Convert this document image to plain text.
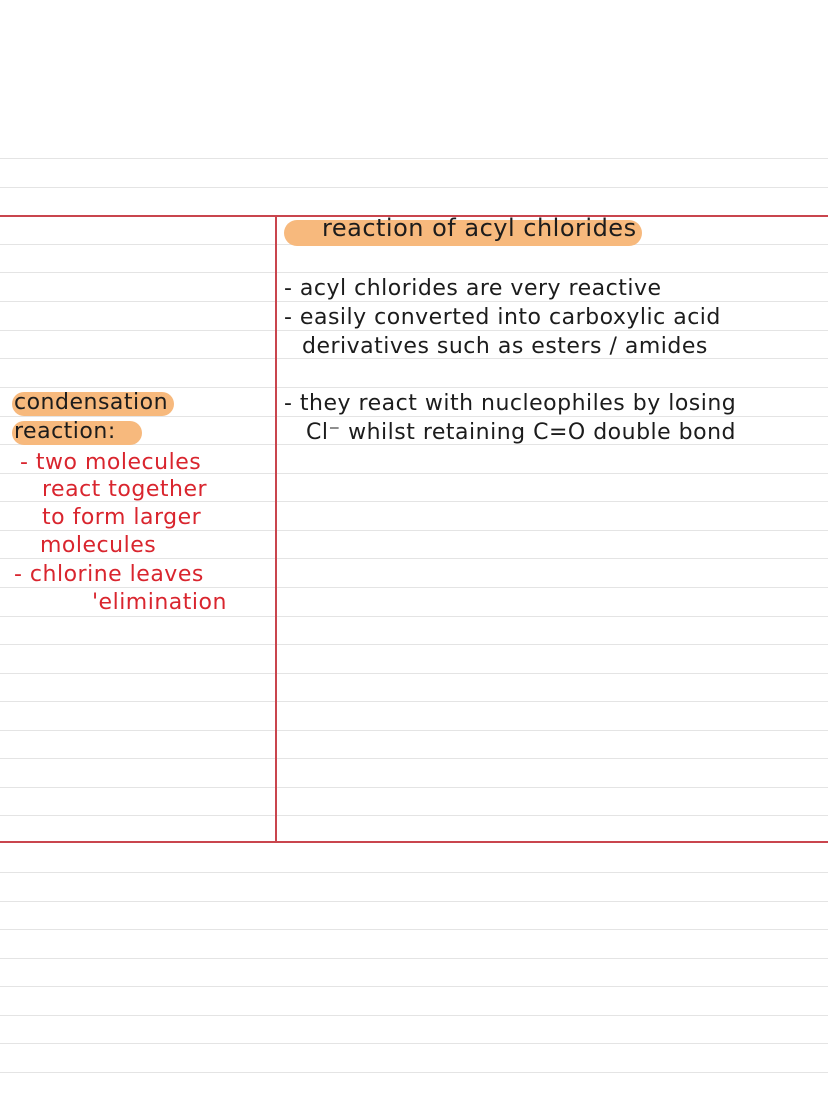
reaction of acyl chlorides
- acyl chlorides are very reactive
- easily converted into carboxylic acid
derivatives such as esters / amides
- they react with nucleophiles by losing
Cl⁻ whilst retaining C=O double bond
condensation
reaction:
- two molecules
react together
to form larger
molecules
- chlorine leaves
'elimination
